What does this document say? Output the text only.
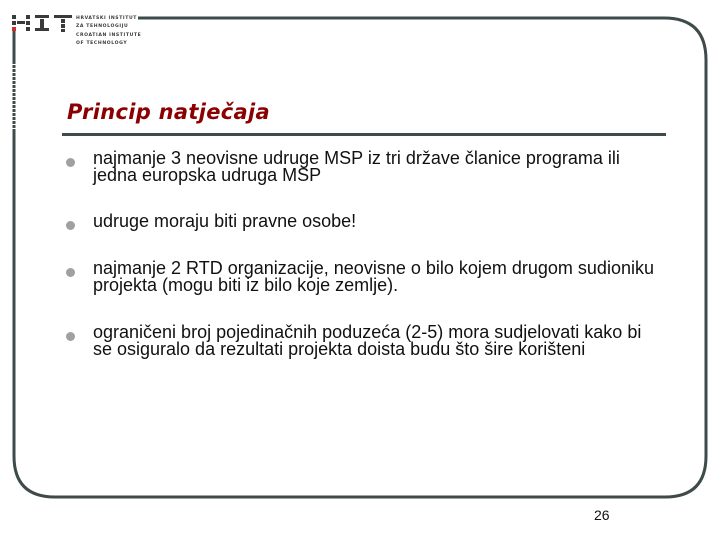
HRVATSKI INSTITUT
ZA TEHNOLOGIJU
CROATIAN INSTITUTE
OF TECHNOLOGY
Princip natječaja
najmanje 3 neovisne udruge MSP iz tri države članice programa ili jedna europska udruga MSP
udruge moraju biti pravne osobe!
najmanje 2 RTD organizacije, neovisne o bilo kojem drugom sudioniku projekta (mogu biti iz bilo koje zemlje).
ograničeni broj pojedinačnih poduzeća (2-5) mora sudjelovati kako bi se osiguralo da rezultati projekta doista budu što šire korišteni
26
